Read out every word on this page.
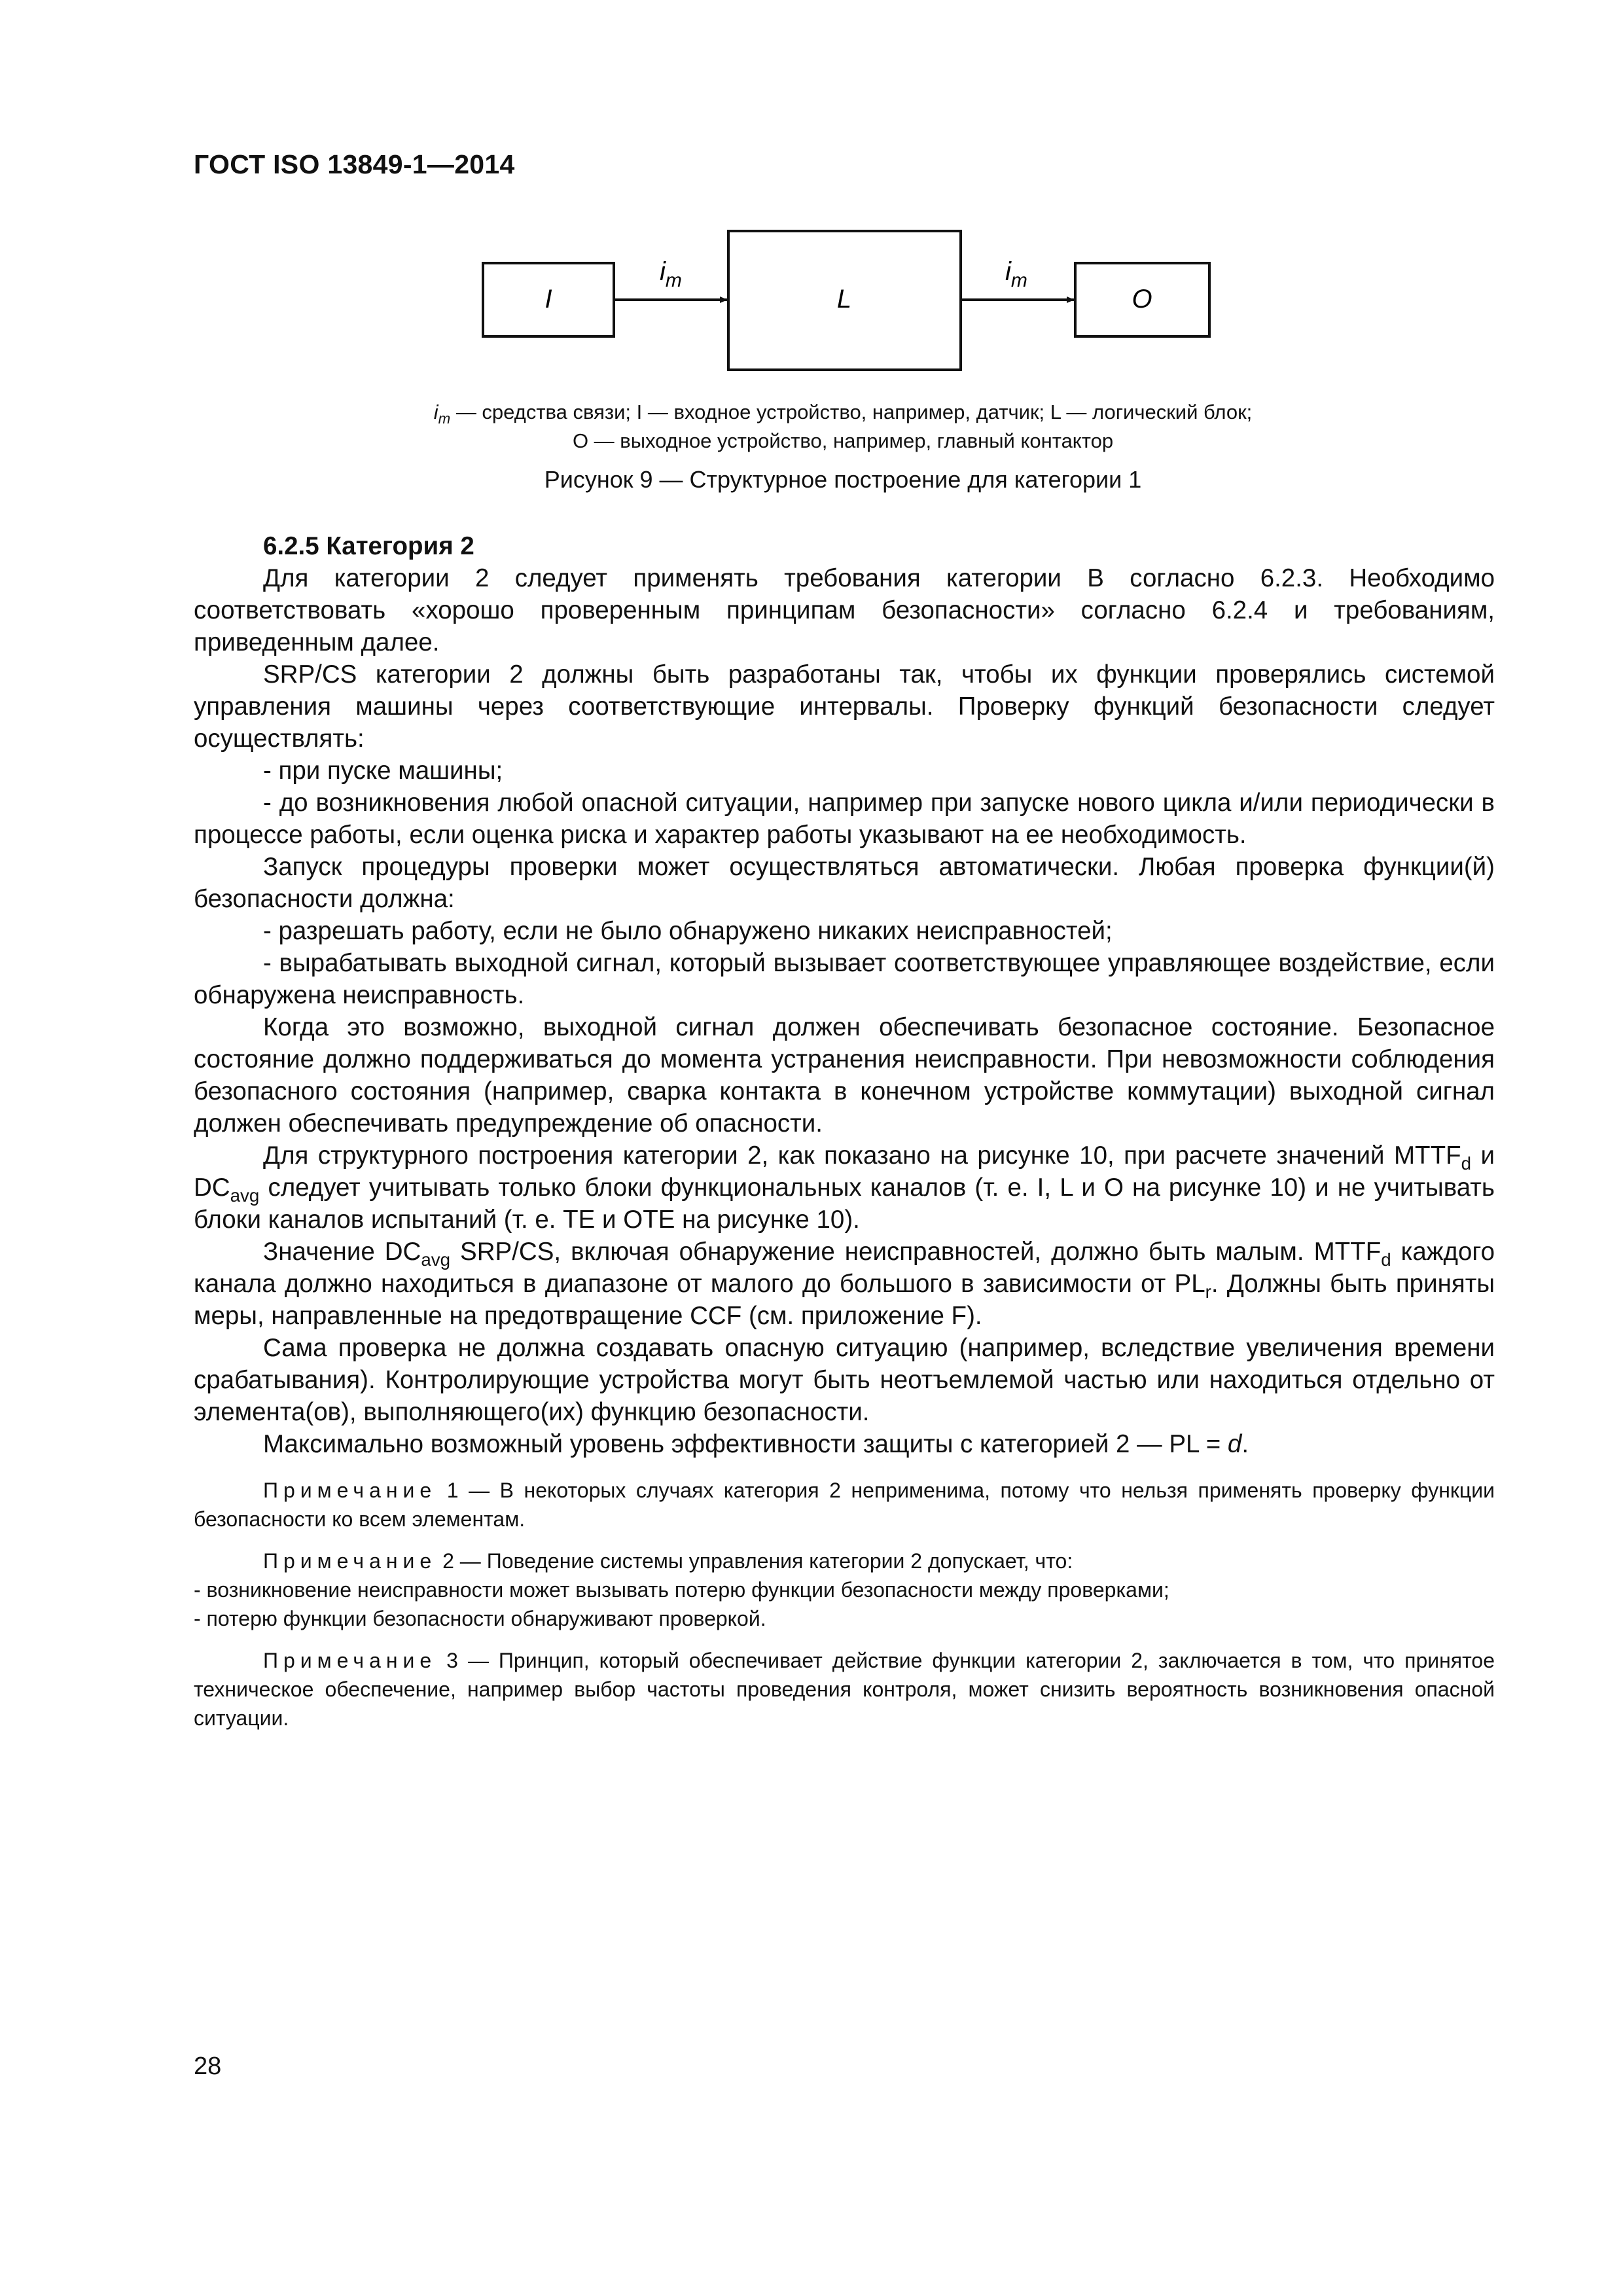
ГОСТ ISO 13849-1—2014
I	L	O
$i_m$	$i_m$
$i_m$ — средства связи; I — входное устройство, например, датчик; L — логический блок;
O — выходное устройство, например, главный контактор
Рисунок 9 — Структурное построение для категории 1

6.2.5 Категория 2

Для категории 2 следует применять требования категории B согласно 6.2.3. Необходимо соответствовать «хорошо проверенным принципам безопасности» согласно 6.2.4 и требованиям, приведенным далее.

SRP/CS категории 2 должны быть разработаны так, чтобы их функции проверялись системой управления машины через соответствующие интервалы. Проверку функций безопасности следует осуществлять:

- при пуске машины;

- до возникновения любой опасной ситуации, например при запуске нового цикла и/или периодически в процессе работы, если оценка риска и характер работы указывают на ее необходимость.

Запуск процедуры проверки может осуществляться автоматически. Любая проверка функции(й) безопасности должна:

- разрешать работу, если не было обнаружено никаких неисправностей;

- вырабатывать выходной сигнал, который вызывает соответствующее управляющее воздействие, если обнаружена неисправность.

Когда это возможно, выходной сигнал должен обеспечивать безопасное состояние. Безопасное состояние должно поддерживаться до момента устранения неисправности. При невозможности соблюдения безопасного состояния (например, сварка контакта в конечном устройстве коммутации) выходной сигнал должен обеспечивать предупреждение об опасности.

Для структурного построения категории 2, как показано на рисунке 10, при расчете значений $MTTF_d$ и $DC_{avg}$ следует учитывать только блоки функциональных каналов (т. е. I, L и O на рисунке 10) и не учитывать блоки каналов испытаний (т. е. TE и OTE на рисунке 10).

Значение $DC_{avg}$ SRP/CS, включая обнаружение неисправностей, должно быть малым. $MTTF_d$ каждого канала должно находиться в диапазоне от малого до большого в зависимости от $PL_r$. Должны быть приняты меры, направленные на предотвращение CCF (см. приложение F).

Сама проверка не должна создавать опасную ситуацию (например, вследствие увеличения времени срабатывания). Контролирующие устройства могут быть неотъемлемой частью или находиться отдельно от элемента(ов), выполняющего(их) функцию безопасности.

Максимально возможный уровень эффективности защиты с категорией 2 — PL = d.

Примечание 1 — В некоторых случаях категория 2 неприменима, потому что нельзя применять проверку функции безопасности ко всем элементам.

Примечание 2 — Поведение системы управления категории 2 допускает, что:

- возникновение неисправности может вызывать потерю функции безопасности между проверками;

- потерю функции безопасности обнаруживают проверкой.

Примечание 3 — Принцип, который обеспечивает действие функции категории 2, заключается в том, что принятое техническое обеспечение, например выбор частоты проведения контроля, может снизить вероятность возникновения опасной ситуации.

28
